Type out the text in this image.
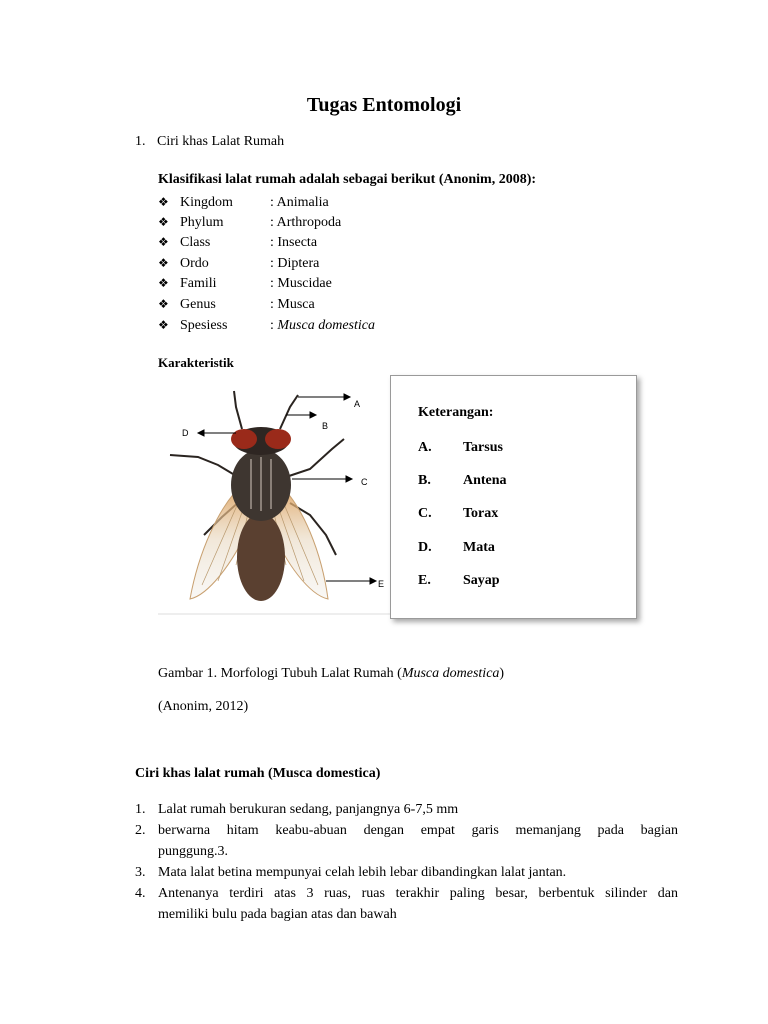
Tugas Entomologi
1. Ciri khas Lalat Rumah
Klasifikasi lalat rumah adalah sebagai berikut (Anonim, 2008):
❖ Kingdom	: Animalia
❖ Phylum	: Arthropoda
❖ Class	: Insecta
❖ Ordo	: Diptera
❖ Famili	: Muscidae
❖ Genus	: Musca
❖ Spesiess	: Musca domestica
Karakteristik
A
B
D
C
E
Keterangan:
A. Tarsus
B. Antena
C. Torax
D. Mata
E. Sayap
Gambar 1. Morfologi Tubuh Lalat Rumah (Musca domestica)
(Anonim, 2012)
Ciri khas lalat rumah (Musca domestica)
1. Lalat rumah berukuran sedang, panjangnya 6-7,5 mm
2. berwarna hitam keabu-abuan dengan empat garis memanjang pada bagian
punggung.3.
3. Mata lalat betina mempunyai celah lebih lebar dibandingkan lalat jantan.
4. Antenanya terdiri atas 3 ruas, ruas terakhir paling besar, berbentuk silinder dan
memiliki bulu pada bagian atas dan bawah
